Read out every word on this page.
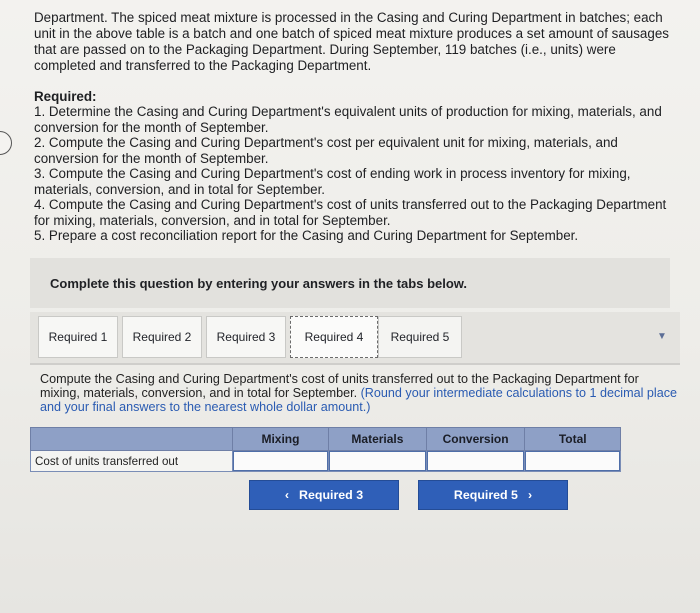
Department. The spiced meat mixture is processed in the Casing and Curing Department in batches; each unit in the above table is a batch and one batch of spiced meat mixture produces a set amount of sausages that are passed on to the Packaging Department. During September, 119 batches (i.e., units) were completed and transferred to the Packaging Department.
Required:
1. Determine the Casing and Curing Department's equivalent units of production for mixing, materials, and conversion for the month of September.
2. Compute the Casing and Curing Department's cost per equivalent unit for mixing, materials, and conversion for the month of September.
3. Compute the Casing and Curing Department's cost of ending work in process inventory for mixing, materials, conversion, and in total for September.
4. Compute the Casing and Curing Department's cost of units transferred out to the Packaging Department for mixing, materials, conversion, and in total for September.
5. Prepare a cost reconciliation report for the Casing and Curing Department for September.
Complete this question by entering your answers in the tabs below.
Required 1	Required 2	Required 3	Required 4	Required 5	▼
Compute the Casing and Curing Department's cost of units transferred out to the Packaging Department for mixing, materials, conversion, and in total for September. (Round your intermediate calculations to 1 decimal place and your final answers to the nearest whole dollar amount.)
	Mixing	Materials	Conversion	Total
Cost of units transferred out				
‹ Required 3	Required 5 ›
